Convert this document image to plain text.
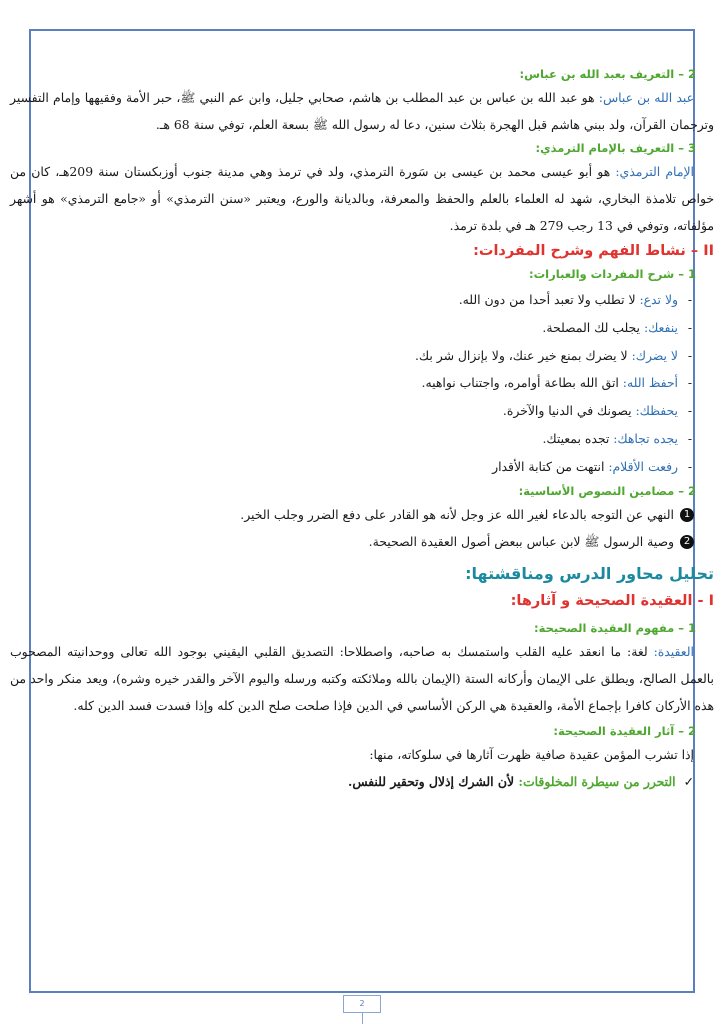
2 – التعريف بعبد الله بن عباس:

عبد الله بن عباس: هو عبد الله بن عباس بن عبد المطلب بن هاشم، صحابي جليل، وابن عم النبي ﷺ، حبر الأمة وفقيهها وإمام التفسير وترجمان القرآن، ولد ببني هاشم قبل الهجرة بثلاث سنين، دعا له رسول الله ﷺ بسعة العلم، توفي سنة 68 هـ.

3 – التعريف بالإمام الترمذي:

الإمام الترمذي: هو أبو عيسى محمد بن عيسى بن سَورة الترمذي، ولد في ترمذ وهي مدينة جنوب أوزبكستان سنة 209هـ، كان من خواص تلامذة البخاري، شهد له العلماء بالعلم والحفظ والمعرفة، وبالديانة والورع، ويعتبر «سنن الترمذي» أو «جامع الترمذي» هو أشهر مؤلفاته، وتوفي في 13 رجب 279 هـ في بلدة ترمذ.

II – نشاط الفهم وشرح المفردات:
1 – شرح المفردات والعبارات:
-
ولا تدع: لا تطلب ولا تعبد أحدا من دون الله.
-
ينفعك: يجلب لك المصلحة.
-
لا يضرك: لا يضرك بمنع خير عنك، ولا بإنزال شر بك.
-
أحفظ الله: اتق الله بطاعة أوامره، واجتناب نواهيه.
-
يحفظك: يصونك في الدنيا والآخرة.
-
يجده تجاهك: تجده بمعيتك.
-
رفعت الأقلام: انتهت من كتابة الأقدار
2 – مضامين النصوص الأساسية:
1النهي عن التوجه بالدعاء لغير الله عز وجل لأنه هو القادر على دفع الضرر وجلب الخير.
2وصية الرسول ﷺ لابن عباس ببعض أصول العقيدة الصحيحة.
تحليل محاور الدرس ومناقشتها:
I - العقيدة الصحيحة و آثارها:
1 – مفهوم العقيدة الصحيحة:

العقيدة: لغة: ما انعقد عليه القلب واستمسك به صاحبه، واصطلاحا: التصديق القلبي اليقيني بوجود الله تعالى ووحدانيته المصحوب بالعمل الصالح، ويطلق على الإيمان وأركانه الستة (الإيمان بالله وملائكته وكتبه ورسله واليوم الآخر والقدر خيره وشره)، ويعد منكر واحد من هذه الأركان كافرا بإجماع الأمة، والعقيدة هي الركن الأساسي في الدين فإذا صلحت صلح الدين كله وإذا فسدت فسد الدين كله.

2 – آثار العقيدة الصحيحة:

إذا تشرب المؤمن عقيدة صافية ظهرت آثارها في سلوكاته، منها:

✓التحرر من سيطرة المخلوقات: لأن الشرك إذلال وتحقير للنفس.
2
